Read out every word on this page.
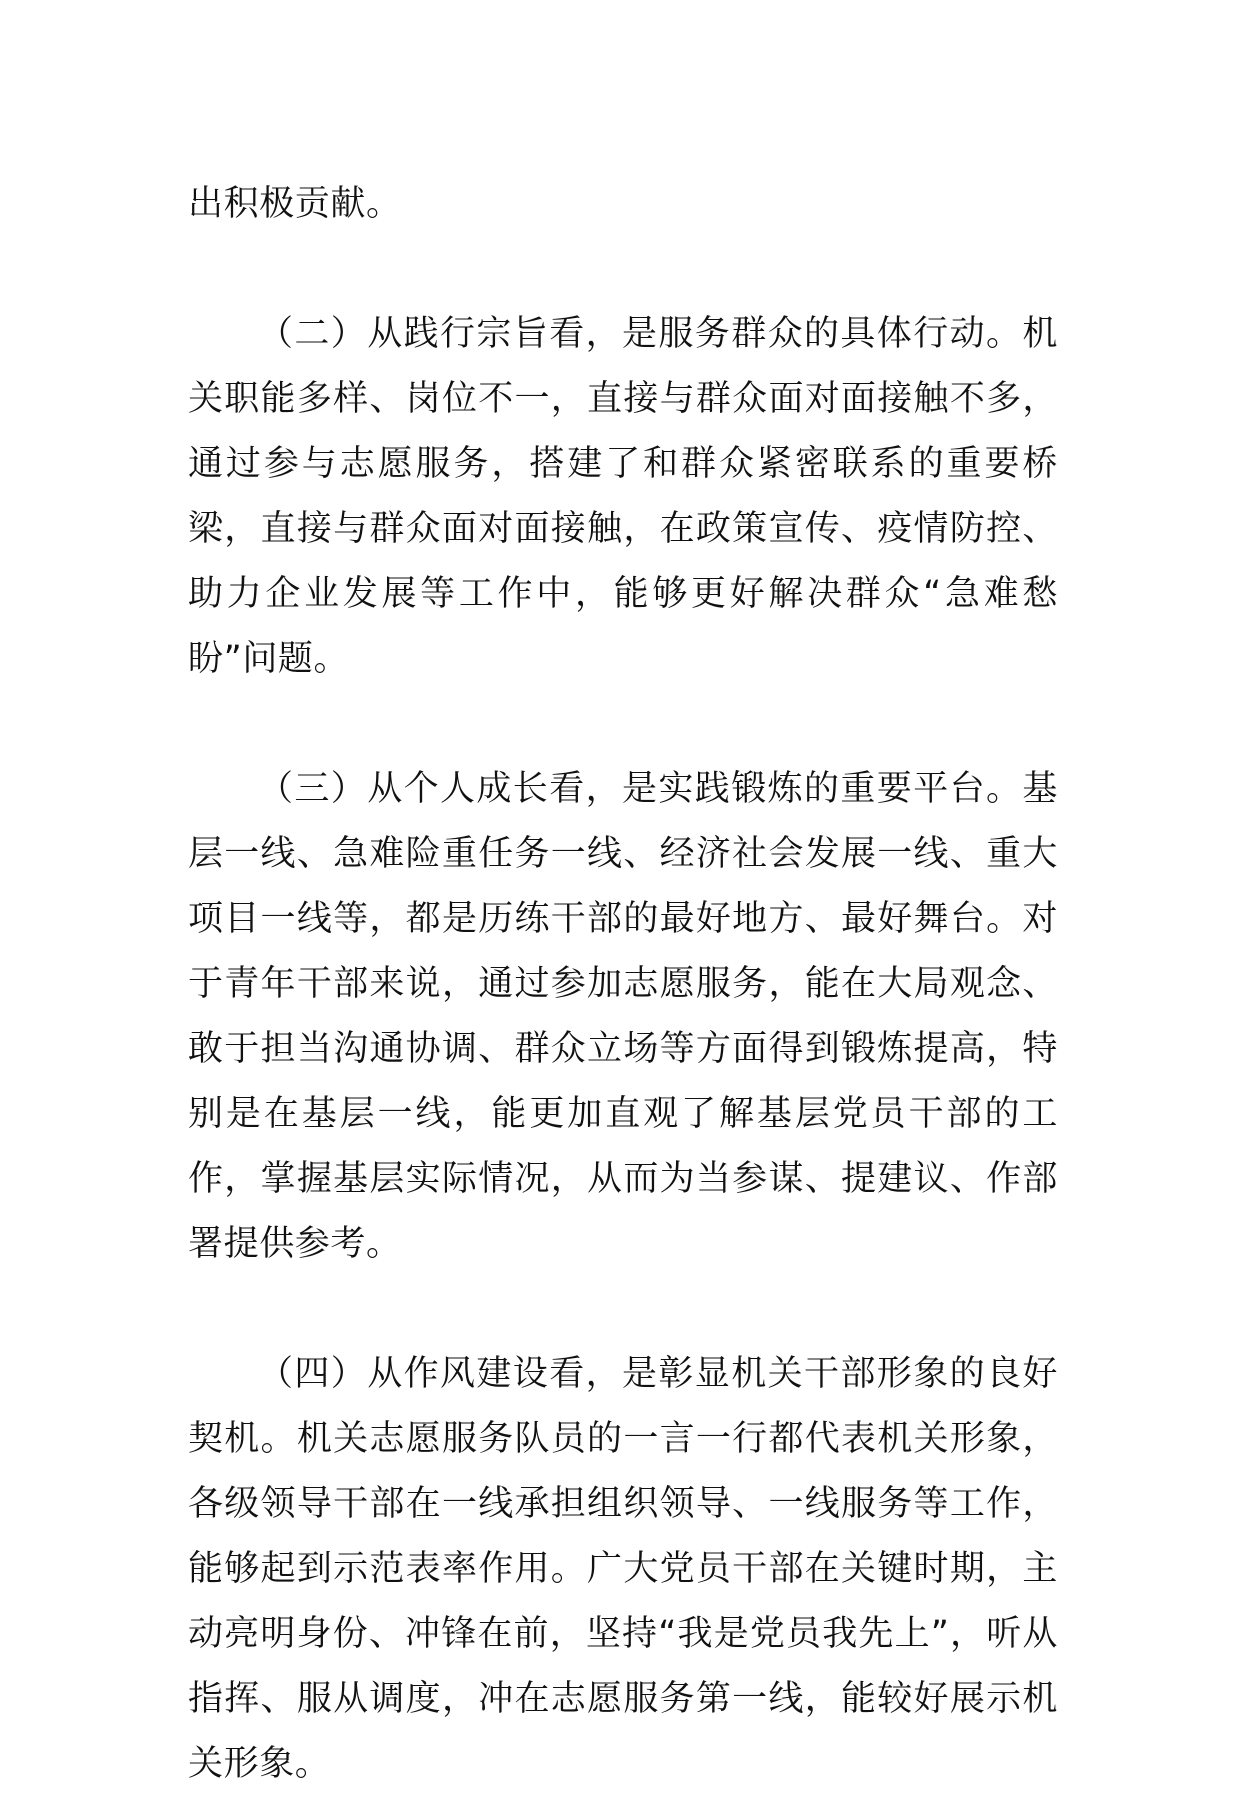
出积极贡献。

（二）从践行宗旨看，是服务群众的具体行动。机关职能多样、岗位不一，直接与群众面对面接触不多，通过参与志愿服务，搭建了和群众紧密联系的重要桥梁，直接与群众面对面接触，在政策宣传、疫情防控、助力企业发展等工作中，能够更好解决群众“急难愁盼”问题。

（三）从个人成长看，是实践锻炼的重要平台。基层一线、急难险重任务一线、经济社会发展一线、重大项目一线等，都是历练干部的最好地方、最好舞台。对于青年干部来说，通过参加志愿服务，能在大局观念、敢于担当沟通协调、群众立场等方面得到锻炼提高，特别是在基层一线，能更加直观了解基层党员干部的工作，掌握基层实际情况，从而为当参谋、提建议、作部署提供参考。

（四）从作风建设看，是彰显机关干部形象的良好契机。机关志愿服务队员的一言一行都代表机关形象，各级领导干部在一线承担组织领导、一线服务等工作，能够起到示范表率作用。广大党员干部在关键时期，主动亮明身份、冲锋在前，坚持“我是党员我先上”，听从指挥、服从调度，冲在志愿服务第一线，能较好展示机关形象。
